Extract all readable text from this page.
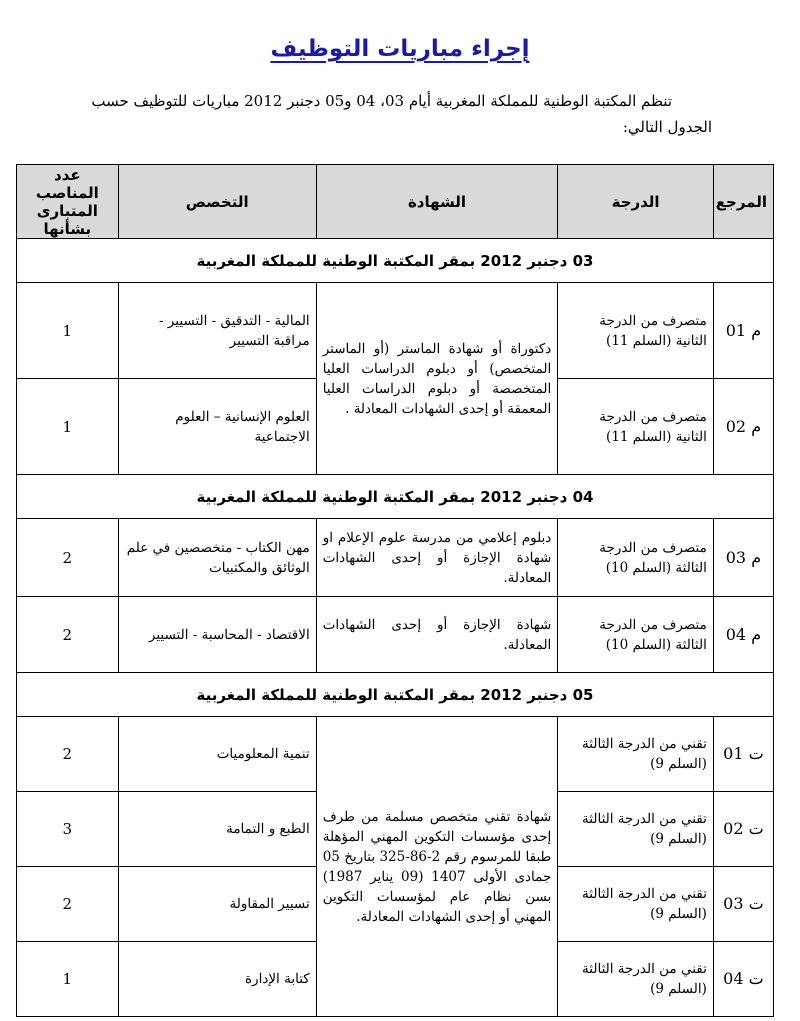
إجراء مباريات التوظيف
تنظم المكتبة الوطنية للمملكة المغربية أيام 03، 04 و05 دجنبر 2012 مباريات للتوظيف حسب
الجدول التالي:
المرجع	الدرجة	الشهادة	التخصص	عدد المناصب المتبارى بشأنها
03 دجنبر 2012 بمقر المكتبة الوطنية للمملكة المغربية				
م 01	متصرف من الدرجة الثانية (السلم 11)	دكتوراة أو شهادة الماستر (أو الماستر المتخصص) أو دبلوم الدراسات العليا المتخصصة أو دبلوم الدراسات العليا المعمقة أو إحدى الشهادات المعادلة .	المالية - التدقيق - التسيير - مراقبة التسيير	1
م 02	متصرف من الدرجة الثانية (السلم 11)		العلوم الإنسانية – العلوم الاجتماعية	1
04 دجنبر 2012 بمقر المكتبة الوطنية للمملكة المغربية				
م 03	متصرف من الدرجة الثالثة (السلم 10)	دبلوم إعلامي من مدرسة علوم الإعلام او شهادة الإجازة أو إحدى الشهادات المعادلة.	مهن الكتاب - متخصصين في علم الوثائق والمكتبيات	2
م 04	متصرف من الدرجة الثالثة (السلم 10)	شهادة الإجازة أو إحدى الشهادات المعادلة.	الاقتصاد - المحاسبة - التسيير	2
05 دجنبر 2012 بمقر المكتبة الوطنية للمملكة المغربية				
ت 01	تقني من الدرجة الثالثة (السلم 9)	شهادة تقني متخصص مسلمة من طرف إحدى مؤسسات التكوين المهني المؤهلة طبقا للمرسوم رقم 2-86-325 بتاريخ 05 جمادى الأولى 1407 (09 يناير 1987) بسن نظام عام لمؤسسات التكوين المهني أو إحدى الشهادات المعادلة.	تنمية المعلوميات	2
ت 02	تقني من الدرجة الثالثة (السلم 9)		الطبع و التمامة	3
ت 03	تقني من الدرجة الثالثة (السلم 9)		تسيير المقاولة	2
ت 04	تقني من الدرجة الثالثة (السلم 9)		كتابة الإدارة	1
